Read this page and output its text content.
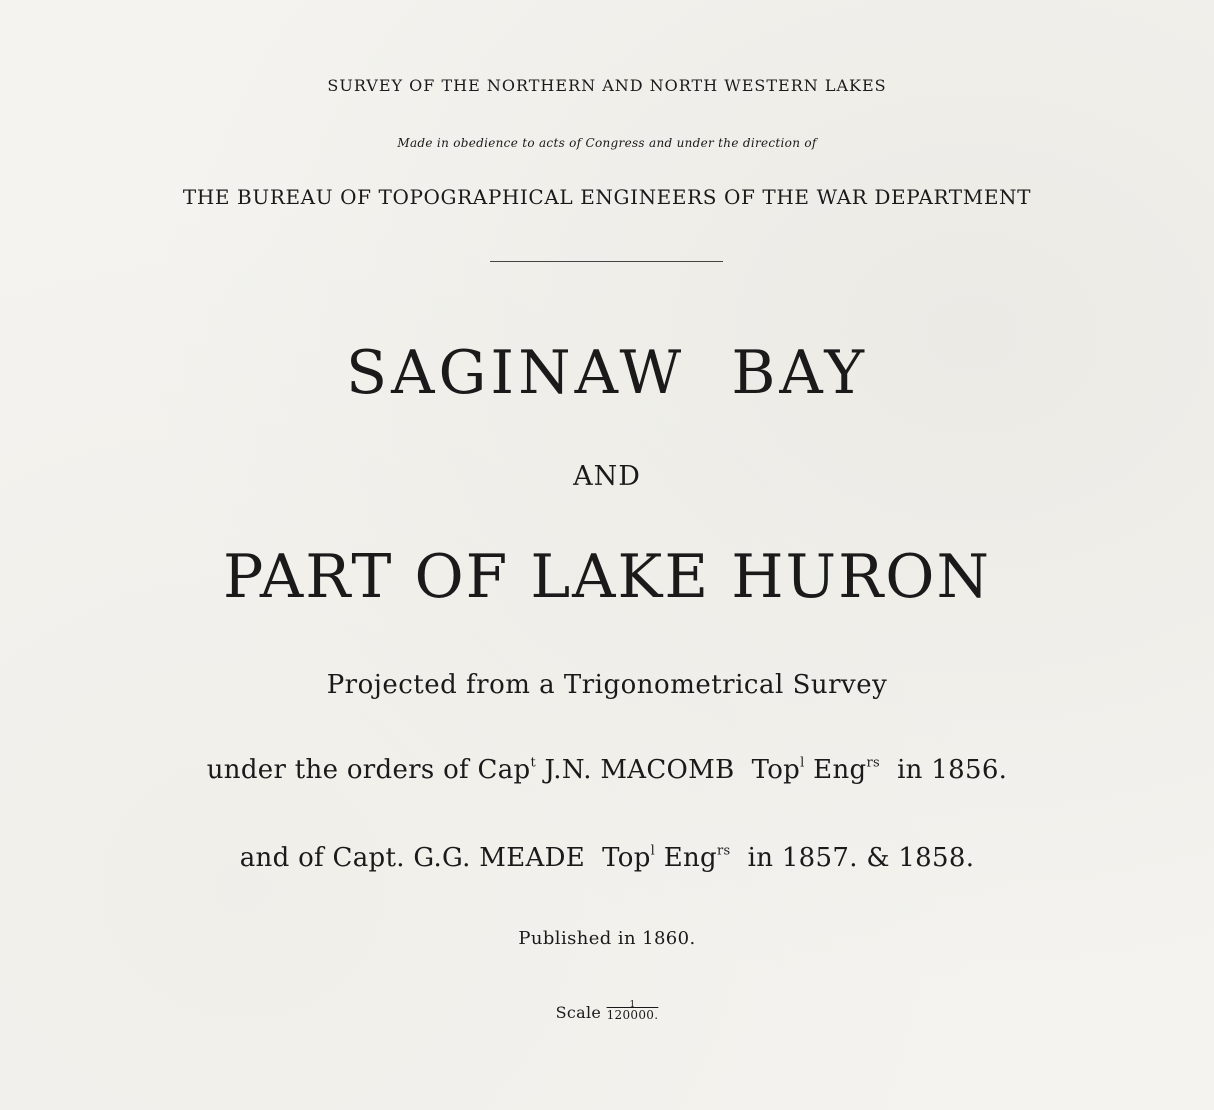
SURVEY OF THE NORTHERN AND NORTH WESTERN LAKES
Made in obedience to acts of Congress and under the direction of
THE BUREAU OF TOPOGRAPHICAL ENGINEERS OF THE WAR DEPARTMENT
SAGINAW  BAY
AND
PART OF LAKE HURON
Projected from a Trigonometrical Survey
under the orders of Cap$^t$ J.N. MACOMB  Top$^l$ Eng$^{rs}$  in 1856.
and of Capt. G.G. MEADE  Top$^l$ Eng$^{rs}$  in 1857. & 1858.
Published in 1860.
Scale	1
120000.
